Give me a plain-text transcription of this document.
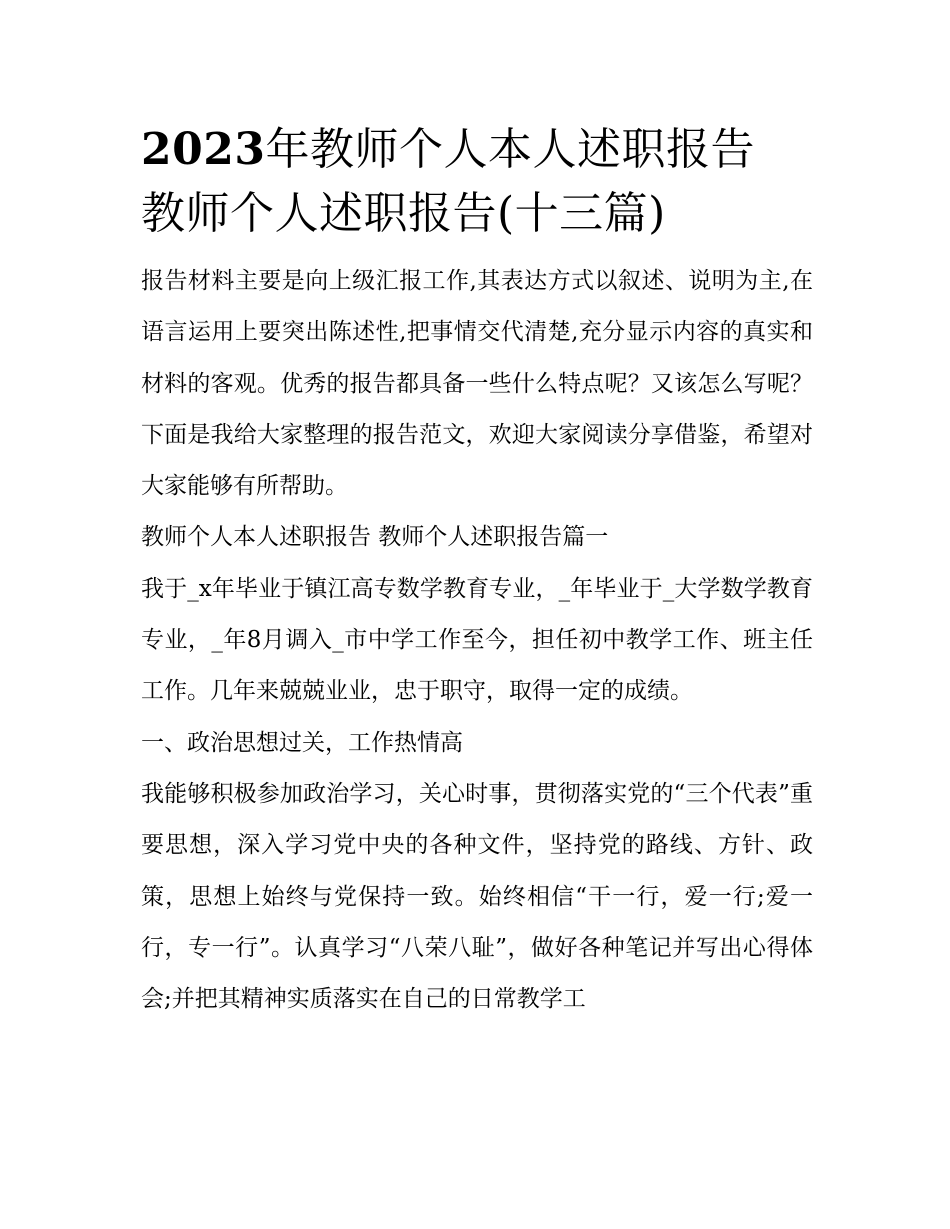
2023年教师个人本人述职报告
教师个人述职报告(十三篇)

报告材料主要是向上级汇报工作,其表达方式以叙述、说明为主,在语言运用上要突出陈述性,把事情交代清楚,充分显示内容的真实和材料的客观。优秀的报告都具备一些什么特点呢？又该怎么写呢？下面是我给大家整理的报告范文，欢迎大家阅读分享借鉴，希望对大家能够有所帮助。

教师个人本人述职报告 教师个人述职报告篇一

我于_x年毕业于镇江高专数学教育专业，_年毕业于_大学数学教育专业，_年8月调入_市中学工作至今，担任初中教学工作、班主任工作。几年来兢兢业业，忠于职守，取得一定的成绩。

一、政治思想过关，工作热情高

我能够积极参加政治学习，关心时事，贯彻落实党的“三个代表”重要思想，深入学习党中央的各种文件，坚持党的路线、方针、政策，思想上始终与党保持一致。始终相信“干一行，爱一行;爱一行，专一行”。认真学习“八荣八耻”，做好各种笔记并写出心得体会;并把其精神实质落实在自己的日常教学工
